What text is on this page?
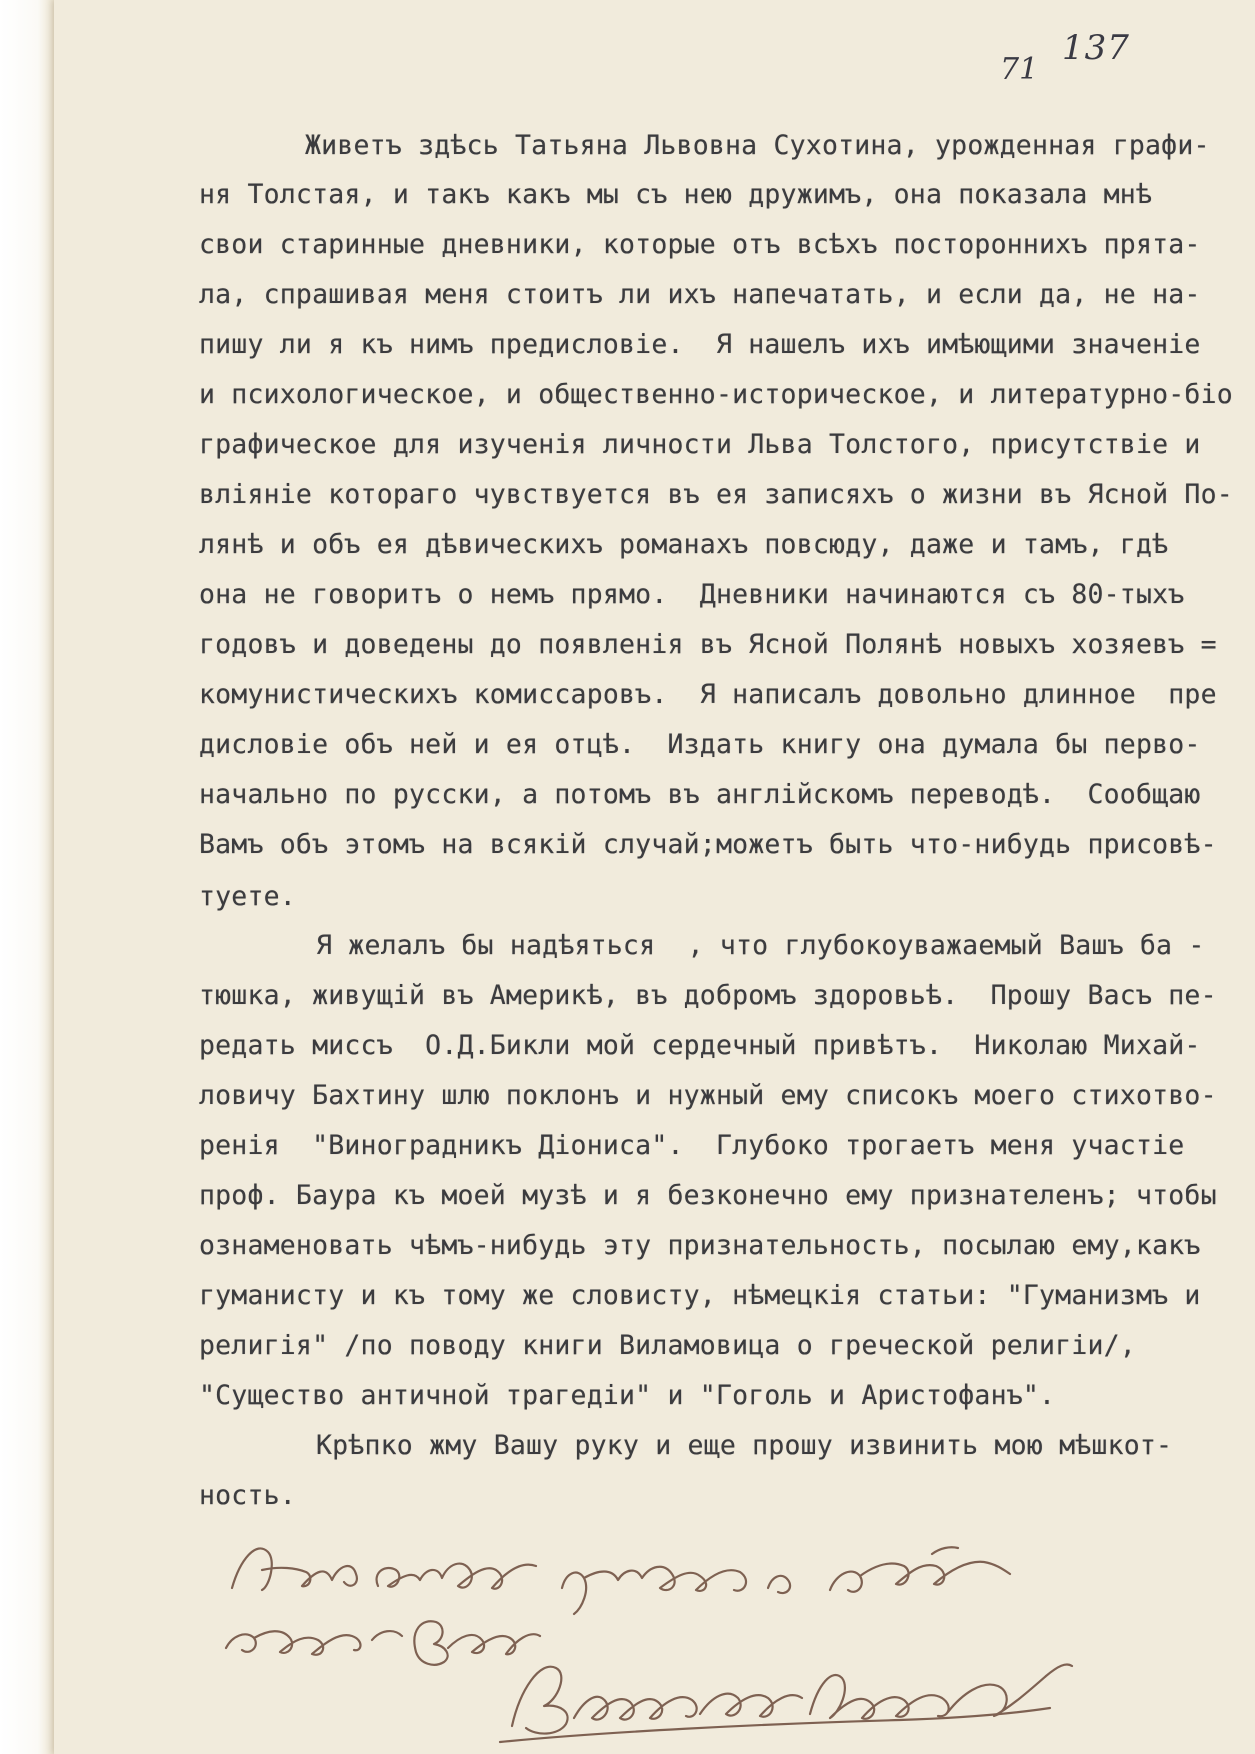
71
137
Живетъ здѣсь Татьяна Львовна Сухотина, урожденная графи-
ня Толстая, и такъ какъ мы съ нею дружимъ, она показала мнѣ
свои старинные дневники, которые отъ всѣхъ постороннихъ прята-
ла, спрашивая меня стоитъ ли ихъ напечатать, и если да, не на-
пишу ли я къ нимъ предисловіе.  Я нашелъ ихъ имѣющими значеніе
и психологическое, и общественно-историческое, и литературно-біо
графическое для изученія личности Льва Толстого, присутствіе и
вліяніе котораго чувствуется въ ея записяхъ о жизни въ Ясной По-
лянѣ и объ ея дѣвическихъ романахъ повсюду, даже и тамъ, гдѣ
она не говоритъ о немъ прямо.  Дневники начинаются съ 80-тыхъ
годовъ и доведены до появленія въ Ясной Полянѣ новыхъ хозяевъ =
комунистическихъ комиссаровъ.  Я написалъ довольно длинное  пре
дисловіе объ ней и ея отцѣ.  Издать книгу она думала бы перво-
начально по русски, а потомъ въ англійскомъ переводѣ.  Сообщаю
Вамъ объ этомъ на всякій случай;можетъ быть что-нибудь присовѣ-
туете.
Я желалъ бы надѣяться  , что глубокоуважаемый Вашъ ба -
тюшка, живущій въ Америкѣ, въ добромъ здоровьѣ.  Прошу Васъ пе-
редать миссъ  О.Д.Бикли мой сердечный привѣтъ.  Николаю Михай-
ловичу Бахтину шлю поклонъ и нужный ему списокъ моего стихотво-
ренія  "Виноградникъ Діониса".  Глубоко трогаетъ меня участіе
проф. Баура къ моей музѣ и я безконечно ему признателенъ; чтобы
ознаменовать чѣмъ-нибудь эту признательность, посылаю ему,какъ
гуманисту и къ тому же словисту, нѣмецкія статьи: "Гуманизмъ и
религія" /по поводу книги Виламовица о греческой религіи/,
"Существо античной трагедіи" и "Гоголь и Аристофанъ".
Крѣпко жму Вашу руку и еще прошу извинить мою мѣшкот-
ность.
